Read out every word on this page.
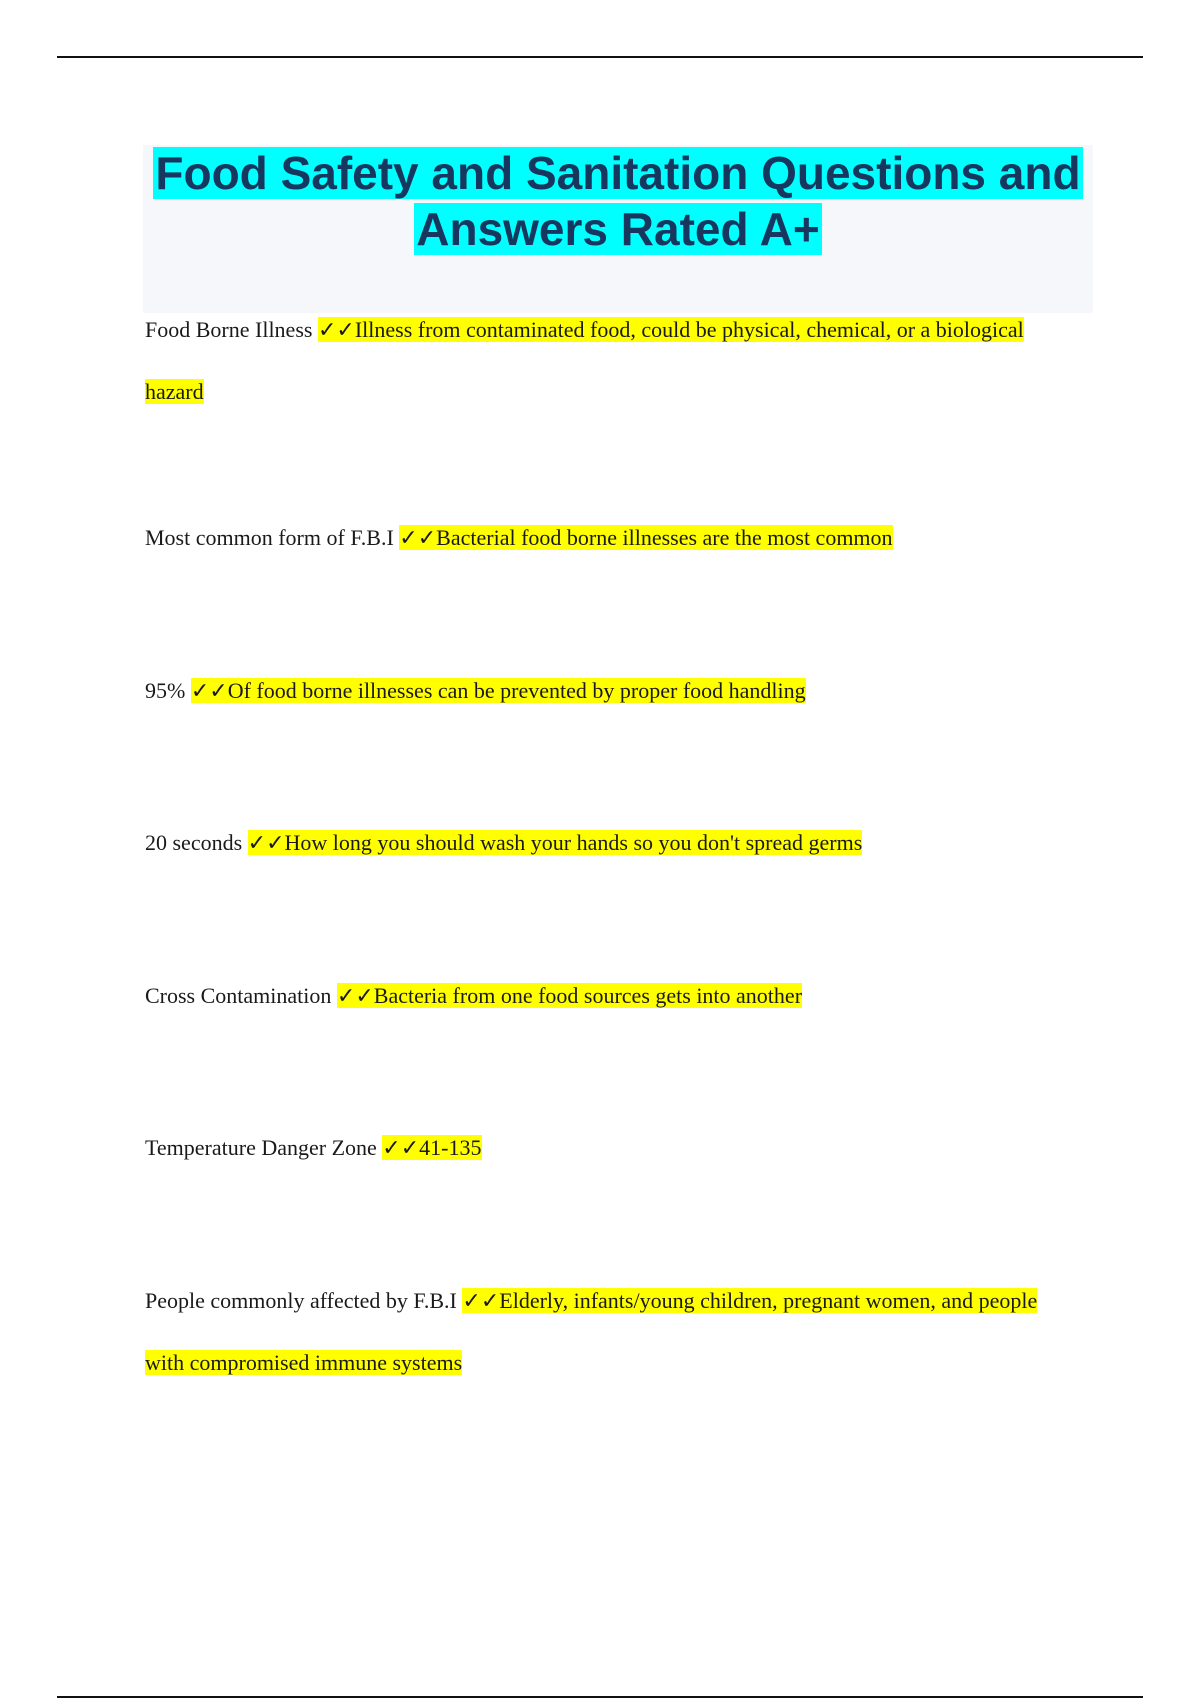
Food Safety and Sanitation Questions and Answers Rated A+

Food Borne Illness ✓✓Illness from contaminated food, could be physical, chemical, or a biological hazard

Most common form of F.B.I ✓✓Bacterial food borne illnesses are the most common

95% ✓✓Of food borne illnesses can be prevented by proper food handling

20 seconds ✓✓How long you should wash your hands so you don't spread germs

Cross Contamination ✓✓Bacteria from one food sources gets into another

Temperature Danger Zone ✓✓41-135

People commonly affected by F.B.I ✓✓Elderly, infants/young children, pregnant women, and people with compromised immune systems
